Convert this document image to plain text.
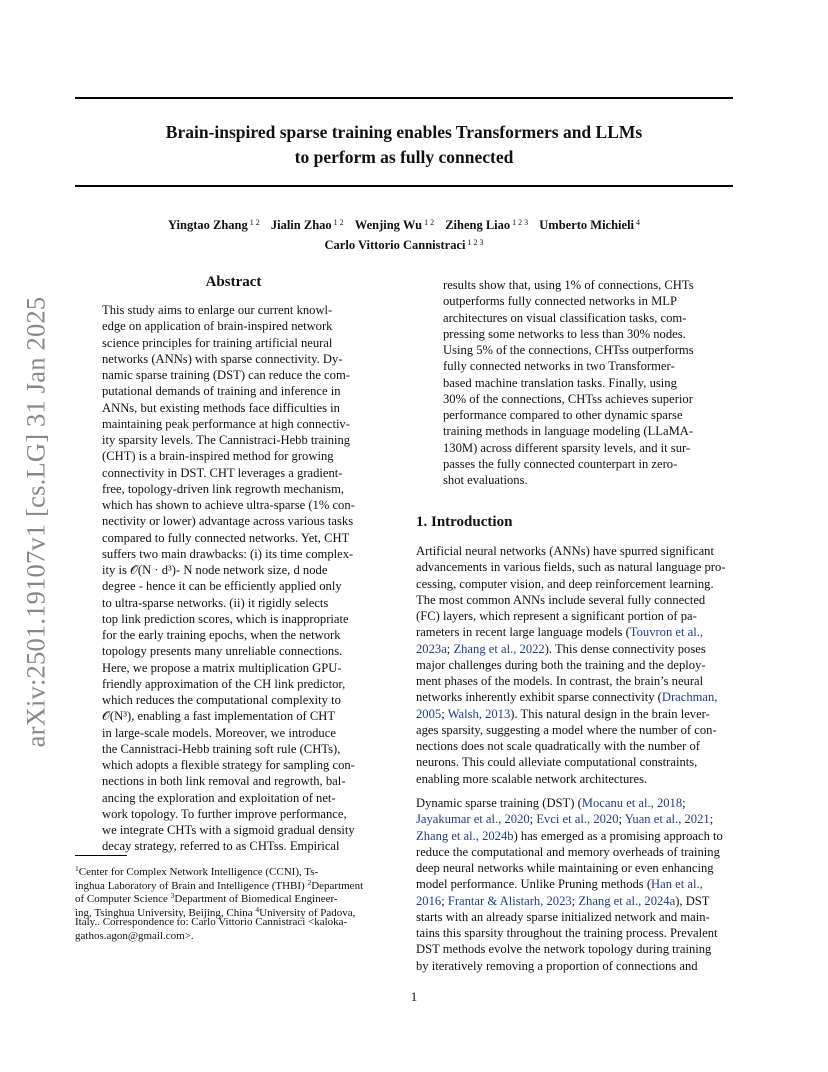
Brain-inspired sparse training enables Transformers and LLMs
to perform as fully connected
Yingtao Zhang $^{1 2}$ Jialin Zhao $^{1 2}$ Wenjing Wu $^{1 2}$ Ziheng Liao $^{1 2 3}$ Umberto Michieli $^4$
Carlo Vittorio Cannistraci $^{1 2 3}$
arXiv:2501.19107v1 [cs.LG] 31 Jan 2025
Abstract
This study aims to enlarge our current knowl-
edge on application of brain-inspired network
science principles for training artificial neural
networks (ANNs) with sparse connectivity. Dy-
namic sparse training (DST) can reduce the com-
putational demands of training and inference in
ANNs, but existing methods face difficulties in
maintaining peak performance at high connectiv-
ity sparsity levels. The Cannistraci-Hebb training
(CHT) is a brain-inspired method for growing
connectivity in DST. CHT leverages a gradient-
free, topology-driven link regrowth mechanism,
which has shown to achieve ultra-sparse (1% con-
nectivity or lower) advantage across various tasks
compared to fully connected networks. Yet, CHT
suffers two main drawbacks: (i) its time complex-
ity is 𝒪(N · d³)- N node network size, d node
degree - hence it can be efficiently applied only
to ultra-sparse networks. (ii) it rigidly selects
top link prediction scores, which is inappropriate
for the early training epochs, when the network
topology presents many unreliable connections.
Here, we propose a matrix multiplication GPU-
friendly approximation of the CH link predictor,
which reduces the computational complexity to
𝒪(N³), enabling a fast implementation of CHT
in large-scale models. Moreover, we introduce
the Cannistraci-Hebb training soft rule (CHTs),
which adopts a flexible strategy for sampling con-
nections in both link removal and regrowth, bal-
ancing the exploration and exploitation of net-
work topology. To further improve performance,
we integrate CHTs with a sigmoid gradual density
decay strategy, referred to as CHTss. Empirical
results show that, using 1% of connections, CHTs
outperforms fully connected networks in MLP
architectures on visual classification tasks, com-
pressing some networks to less than 30% nodes.
Using 5% of the connections, CHTss outperforms
fully connected networks in two Transformer-
based machine translation tasks. Finally, using
30% of the connections, CHTss achieves superior
performance compared to other dynamic sparse
training methods in language modeling (LLaMA-
130M) across different sparsity levels, and it sur-
passes the fully connected counterpart in zero-
shot evaluations.
1. Introduction
Artificial neural networks (ANNs) have spurred significant
advancements in various fields, such as natural language pro-
cessing, computer vision, and deep reinforcement learning.
The most common ANNs include several fully connected
(FC) layers, which represent a significant portion of pa-
rameters in recent large language models (Touvron et al.,
2023a; Zhang et al., 2022). This dense connectivity poses
major challenges during both the training and the deploy-
ment phases of the models. In contrast, the brain’s neural
networks inherently exhibit sparse connectivity (Drachman,
2005; Walsh, 2013). This natural design in the brain lever-
ages sparsity, suggesting a model where the number of con-
nections does not scale quadratically with the number of
neurons. This could alleviate computational constraints,
enabling more scalable network architectures.
Dynamic sparse training (DST) (Mocanu et al., 2018;
Jayakumar et al., 2020; Evci et al., 2020; Yuan et al., 2021;
Zhang et al., 2024b) has emerged as a promising approach to
reduce the computational and memory overheads of training
deep neural networks while maintaining or even enhancing
model performance. Unlike Pruning methods (Han et al.,
2016; Frantar & Alistarh, 2023; Zhang et al., 2024a), DST
starts with an already sparse initialized network and main-
tains this sparsity throughout the training process. Prevalent
DST methods evolve the network topology during training
by iteratively removing a proportion of connections and
$^1$Center for Complex Network Intelligence (CCNI), Ts-
inghua Laboratory of Brain and Intelligence (THBI) $^2$Department
of Computer Science $^3$Department of Biomedical Engineer-
ing, Tsinghua University, Beijing, China $^4$University of Padova,
Italy.. Correspondence to: Carlo Vittorio Cannistraci <kaloka-
gathos.agon@gmail.com>.
1
